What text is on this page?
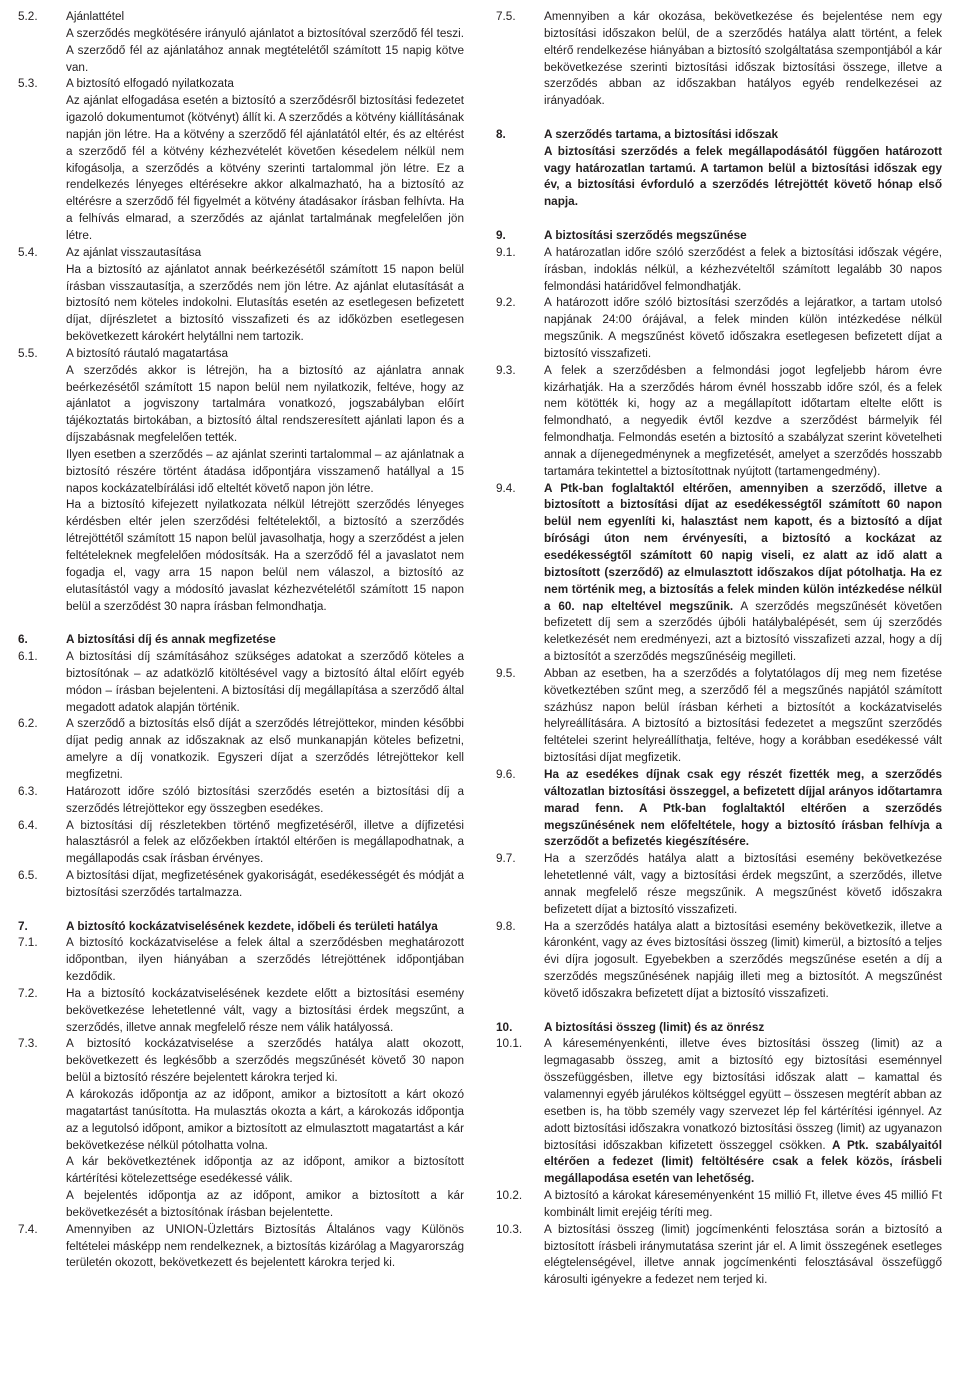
5.2.	Ajánlattétel

A szerződés megkötésére irányuló ajánlatot a biztosítóval szerződő fél teszi. A szerződő fél az ajánlatához annak megtételétől számított 15 napig kötve van.

5.3.	A biztosító elfogadó nyilatkozata

Az ajánlat elfogadása esetén a biztosító a szerződésről biztosítási fedezetet igazoló dokumentumot (kötvényt) állít ki. A szerződés a kötvény kiállításának napján jön létre. Ha a kötvény a szerződő fél ajánlatától eltér, és az eltérést a szerződő fél a kötvény kézhezvételét követően késedelem nélkül nem kifogásolja, a szerződés a kötvény szerinti tartalommal jön létre. Ez a rendelkezés lényeges eltérésekre akkor alkalmazható, ha a biztosító az eltérésre a szerződő fél figyelmét a kötvény átadásakor írásban felhívta. Ha a felhívás elmarad, a szerződés az ajánlat tartalmának megfelelően jön létre.

5.4.	Az ajánlat visszautasítása

Ha a biztosító az ajánlatot annak beérkezésétől számított 15 napon belül írásban visszautasítja, a szerződés nem jön létre. Az ajánlat elutasítását a biztosító nem köteles indokolni. Elutasítás esetén az esetlegesen befizetett díjat, díjrészletet a biztosító visszafizeti és az időközben esetlegesen bekövetkezett károkért helytállni nem tartozik.

5.5.	A biztosító ráutaló magatartása

A szerződés akkor is létrejön, ha a biztosító az ajánlatra annak beérkezésétől számított 15 napon belül nem nyilatkozik, feltéve, hogy az ajánlatot a jogviszony tartalmára vonatkozó, jogszabályban előírt tájékoztatás birtokában, a biztosító által rendszeresített ajánlati lapon és a díjszabásnak megfelelően tették.

Ilyen esetben a szerződés – az ajánlat szerinti tartalommal – az ajánlatnak a biztosító részére történt átadása időpontjára visszamenő hatállyal a 15 napos kockázatelbírálási idő elteltét követő napon jön létre.

Ha a biztosító kifejezett nyilatkozata nélkül létrejött szerződés lényeges kérdésben eltér jelen szerződési feltételektől, a biztosító a szerződés létrejöttétől számított 15 napon belül javasolhatja, hogy a szerződést a jelen feltételeknek megfelelően módosítsák. Ha a szerződő fél a javaslatot nem fogadja el, vagy arra 15 napon belül nem válaszol, a biztosító az elutasítástól vagy a módosító javaslat kézhezvételétől számított 15 napon belül a szerződést 30 napra írásban felmondhatja.

6.	A biztosítási díj és annak megfizetése
6.1.	A biztosítási díj számításához szükséges adatokat a szerződő köteles a biztosítónak – az adatközlő kitöltésével vagy a biztosító által előírt egyéb módon – írásban bejelenteni. A biztosítási díj megállapítása a szerződő által megadott adatok alapján történik.
6.2.	A szerződő a biztosítás első díját a szerződés létrejöttekor, minden későbbi díjat pedig annak az időszaknak az első munkanapján köteles befizetni, amelyre a díj vonatkozik. Egyszeri díjat a szerződés létrejöttekor kell megfizetni.
6.3.	Határozott időre szóló biztosítási szerződés esetén a biztosítási díj a szerződés létrejöttekor egy összegben esedékes.
6.4.	A biztosítási díj részletekben történő megfizetéséről, illetve a díjfizetési halasztásról a felek az előzőekben írtaktól eltérően is megállapodhatnak, a megállapodás csak írásban érvényes.
6.5.	A biztosítási díjat, megfizetésének gyakoriságát, esedékességét és módját a biztosítási szerződés tartalmazza.
7.	A biztosító kockázatviselésének kezdete, időbeli és területi hatálya
7.1.	A biztosító kockázatviselése a felek által a szerződésben meghatározott időpontban, ilyen hiányában a szerződés létrejöttének időpontjában kezdődik.

7.2.	Ha a biztosító kockázatviselésének kezdete előtt a biztosítási esemény bekövetkezése lehetetlenné vált, vagy a biztosítási érdek megszűnt, a szerződés, illetve annak megfelelő része nem válik hatályossá.

7.3.	A biztosító kockázatviselése a szerződés hatálya alatt okozott, bekövetkezett és legkésőbb a szerződés megszűnését követő 30 napon belül a biztosító részére bejelentett károkra terjed ki.

A károkozás időpontja az az időpont, amikor a biztosított a kárt okozó magatartást tanúsította. Ha mulasztás okozta a kárt, a károkozás időpontja az a legutolsó időpont, amikor a biztosított az elmulasztott magatartást a kár bekövetkezése nélkül pótolhatta volna.

A kár bekövetkeztének időpontja az az időpont, amikor a biztosított kártérítési kötelezettsége esedékessé válik.

A bejelentés időpontja az az időpont, amikor a biztosított a kár bekövetkezését a biztosítónak írásban bejelentette.

7.4.	Amennyiben az UNION-Üzlettárs Biztosítás Általános vagy Különös feltételei másképp nem rendelkeznek, a biztosítás kizárólag a Magyarország területén okozott, bekövetkezett és bejelentett károkra terjed ki.

7.5.	Amennyiben a kár okozása, bekövetkezése és bejelentése nem egy biztosítási időszakon belül, de a szerződés hatálya alatt történt, a felek eltérő rendelkezése hiányában a biztosító szolgáltatása szempontjából a kár bekövetkezése szerinti biztosítási időszak biztosítási összege, illetve a szerződés abban az időszakban hatályos egyéb rendelkezései az irányadóak.
8.	A szerződés tartama, a biztosítási időszak

A biztosítási szerződés a felek megállapodásától függően határozott vagy határozatlan tartamú. A tartamon belül a biztosítási időszak egy év, a biztosítási évforduló a szerződés létrejöttét követő hónap első napja.

9.	A biztosítási szerződés megszűnése
9.1.	A határozatlan időre szóló szerződést a felek a biztosítási időszak végére, írásban, indoklás nélkül, a kézhezvételtől számított legalább 30 napos felmondási határidővel felmondhatják.
9.2.	A határozott időre szóló biztosítási szerződés a lejáratkor, a tartam utolsó napjának 24:00 órájával, a felek minden külön intézkedése nélkül megszűnik. A megszűnést követő időszakra esetlegesen befizetett díjat a biztosító visszafizeti.
9.3.	A felek a szerződésben a felmondási jogot legfeljebb három évre kizárhatják. Ha a szerződés három évnél hosszabb időre szól, és a felek nem kötötték ki, hogy az a megállapított időtartam eltelte előtt is felmondható, a negyedik évtől kezdve a szerződést bármelyik fél felmondhatja. Felmondás esetén a biztosító a szabályzat szerint követelheti annak a díjenegedménynek a megfizetését, amelyet a szerződés hosszabb tartamára tekintettel a biztosítottnak nyújtott (tartamengedmény).
9.4.	A Ptk-ban foglaltaktól eltérően, amennyiben a szerződő, illetve a biztosított a biztosítási díjat az esedékességtől számított 60 napon belül nem egyenlíti ki, halasztást nem kapott, és a biztosító a díjat bírósági úton nem érvényesíti, a biztosító a kockázat az esedékességtől számított 60 napig viseli, ez alatt az idő alatt a biztosított (szerződő) az elmulasztott időszakos díjat pótolhatja. Ha ez nem történik meg, a biztosítás a felek minden külön intézkedése nélkül a 60. nap elteltével megszűnik. A szerződés megszűnését követően befizetett díj sem a szerződés újbóli hatálybalépését, sem új szerződés keletkezését nem eredményezi, azt a biztosító visszafizeti azzal, hogy a díj a biztosítót a szerződés megszűnéséig megilleti.
9.5.	Abban az esetben, ha a szerződés a folytatólagos díj meg nem fizetése következtében szűnt meg, a szerződő fél a megszűnés napjától számított százhúsz napon belül írásban kérheti a biztosítót a kockázatviselés helyreállítására. A biztosító a biztosítási fedezetet a megszűnt szerződés feltételei szerint helyreállíthatja, feltéve, hogy a korábban esedékessé vált biztosítási díjat megfizetik.
9.6.	Ha az esedékes díjnak csak egy részét fizették meg, a szerződés változatlan biztosítási összeggel, a befizetett díjjal arányos időtartamra marad fenn. A Ptk-ban foglaltaktól eltérően a szerződés megszűnésének nem előfeltétele, hogy a biztosító írásban felhívja a szerződőt a befizetés kiegészítésére.
9.7.	Ha a szerződés hatálya alatt a biztosítási esemény bekövetkezése lehetetlenné vált, vagy a biztosítási érdek megszűnt, a szerződés, illetve annak megfelelő része megszűnik. A megszűnést követő időszakra befizetett díjat a biztosító visszafizeti.
9.8.	Ha a szerződés hatálya alatt a biztosítási esemény bekövetkezik, illetve a káronként, vagy az éves biztosítási összeg (limit) kimerül, a biztosító a teljes évi díjra jogosult. Egyebekben a szerződés megszűnése esetén a díj a szerződés megszűnésének napjáig illeti meg a biztosítót. A megszűnést követő időszakra befizetett díjat a biztosító visszafizeti.
10.	A biztosítási összeg (limit) és az önrész
10.1.	A káreseményenkénti, illetve éves biztosítási összeg (limit) az a legmagasabb összeg, amit a biztosító egy biztosítási eseménnyel összefüggésben, illetve egy biztosítási időszak alatt – kamattal és valamennyi egyéb járulékos költséggel együtt – összesen megtérít abban az esetben is, ha több személy vagy szervezet lép fel kártérítési igénnyel. Az adott biztosítási időszakra vonatkozó biztosítási összeg (limit) az ugyanazon biztosítási időszakban kifizetett összeggel csökken. A Ptk. szabályaitól eltérően a fedezet (limit) feltöltésére csak a felek közös, írásbeli megállapodása esetén van lehetőség.
10.2.	A biztosító a károkat káreseményenként 15 millió Ft, illetve éves 45 millió Ft kombinált limit erejéig téríti meg.
10.3.	A biztosítási összeg (limit) jogcímenkénti felosztása során a biztosító a biztosított írásbeli iránymutatása szerint jár el. A limit összegének esetleges elégtelenségével, illetve annak jogcímenkénti felosztásával összefüggő károsulti igényekre a fedezet nem terjed ki.
